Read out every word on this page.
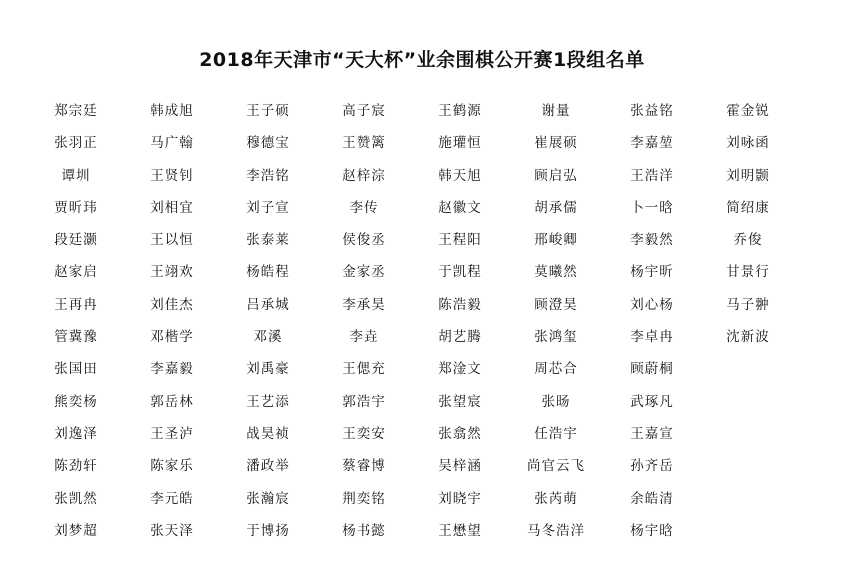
2018年天津市“天大杯”业余围棋公开赛1段组名单
郑宗廷	韩成旭	王子硕	高子宸	王鹤源	谢量	张益铭	霍金锐
张羽正	马广翰	穆德宝	王赞篱	施瓘恒	崔展硕	李嘉堃	刘咏函
谭圳	王贤钊	李浩铭	赵梓淙	韩天旭	顾启弘	王浩洋	刘明颢
贾昕玮	刘相宜	刘子宣	李传	赵徽文	胡承儒	卜一晗	简绍康
段廷灏	王以恒	张泰莱	侯俊丞	王程阳	邢峻卿	李毅然	乔俊
赵家启	王翊欢	杨皓程	金家丞	于凯程	莫曦然	杨宇昕	甘景行
王再冉	刘佳杰	吕承城	李承昊	陈浩毅	顾澄昊	刘心杨	马子翀
管冀豫	邓楷学	邓溪	李垚	胡艺腾	张鸿玺	李卓冉	沈新波
张国田	李嘉毅	刘禹豪	王偲充	郑淦文	周芯合	顾蔚桐
熊奕杨	郭岳林	王艺添	郭浩宇	张望宸	张旸	武琢凡
刘逸泽	王圣泸	战昊祯	王奕安	张翕然	任浩宇	王嘉宣
陈劲轩	陈家乐	潘政举	蔡睿博	吴梓涵	尚官云飞	孙齐岳
张凯然	李元皓	张瀚宸	荆奕铭	刘晓宇	张芮萌	余皓清
刘梦超	张天泽	于博扬	杨书懿	王懋望	马冬浩洋	杨宇晗
